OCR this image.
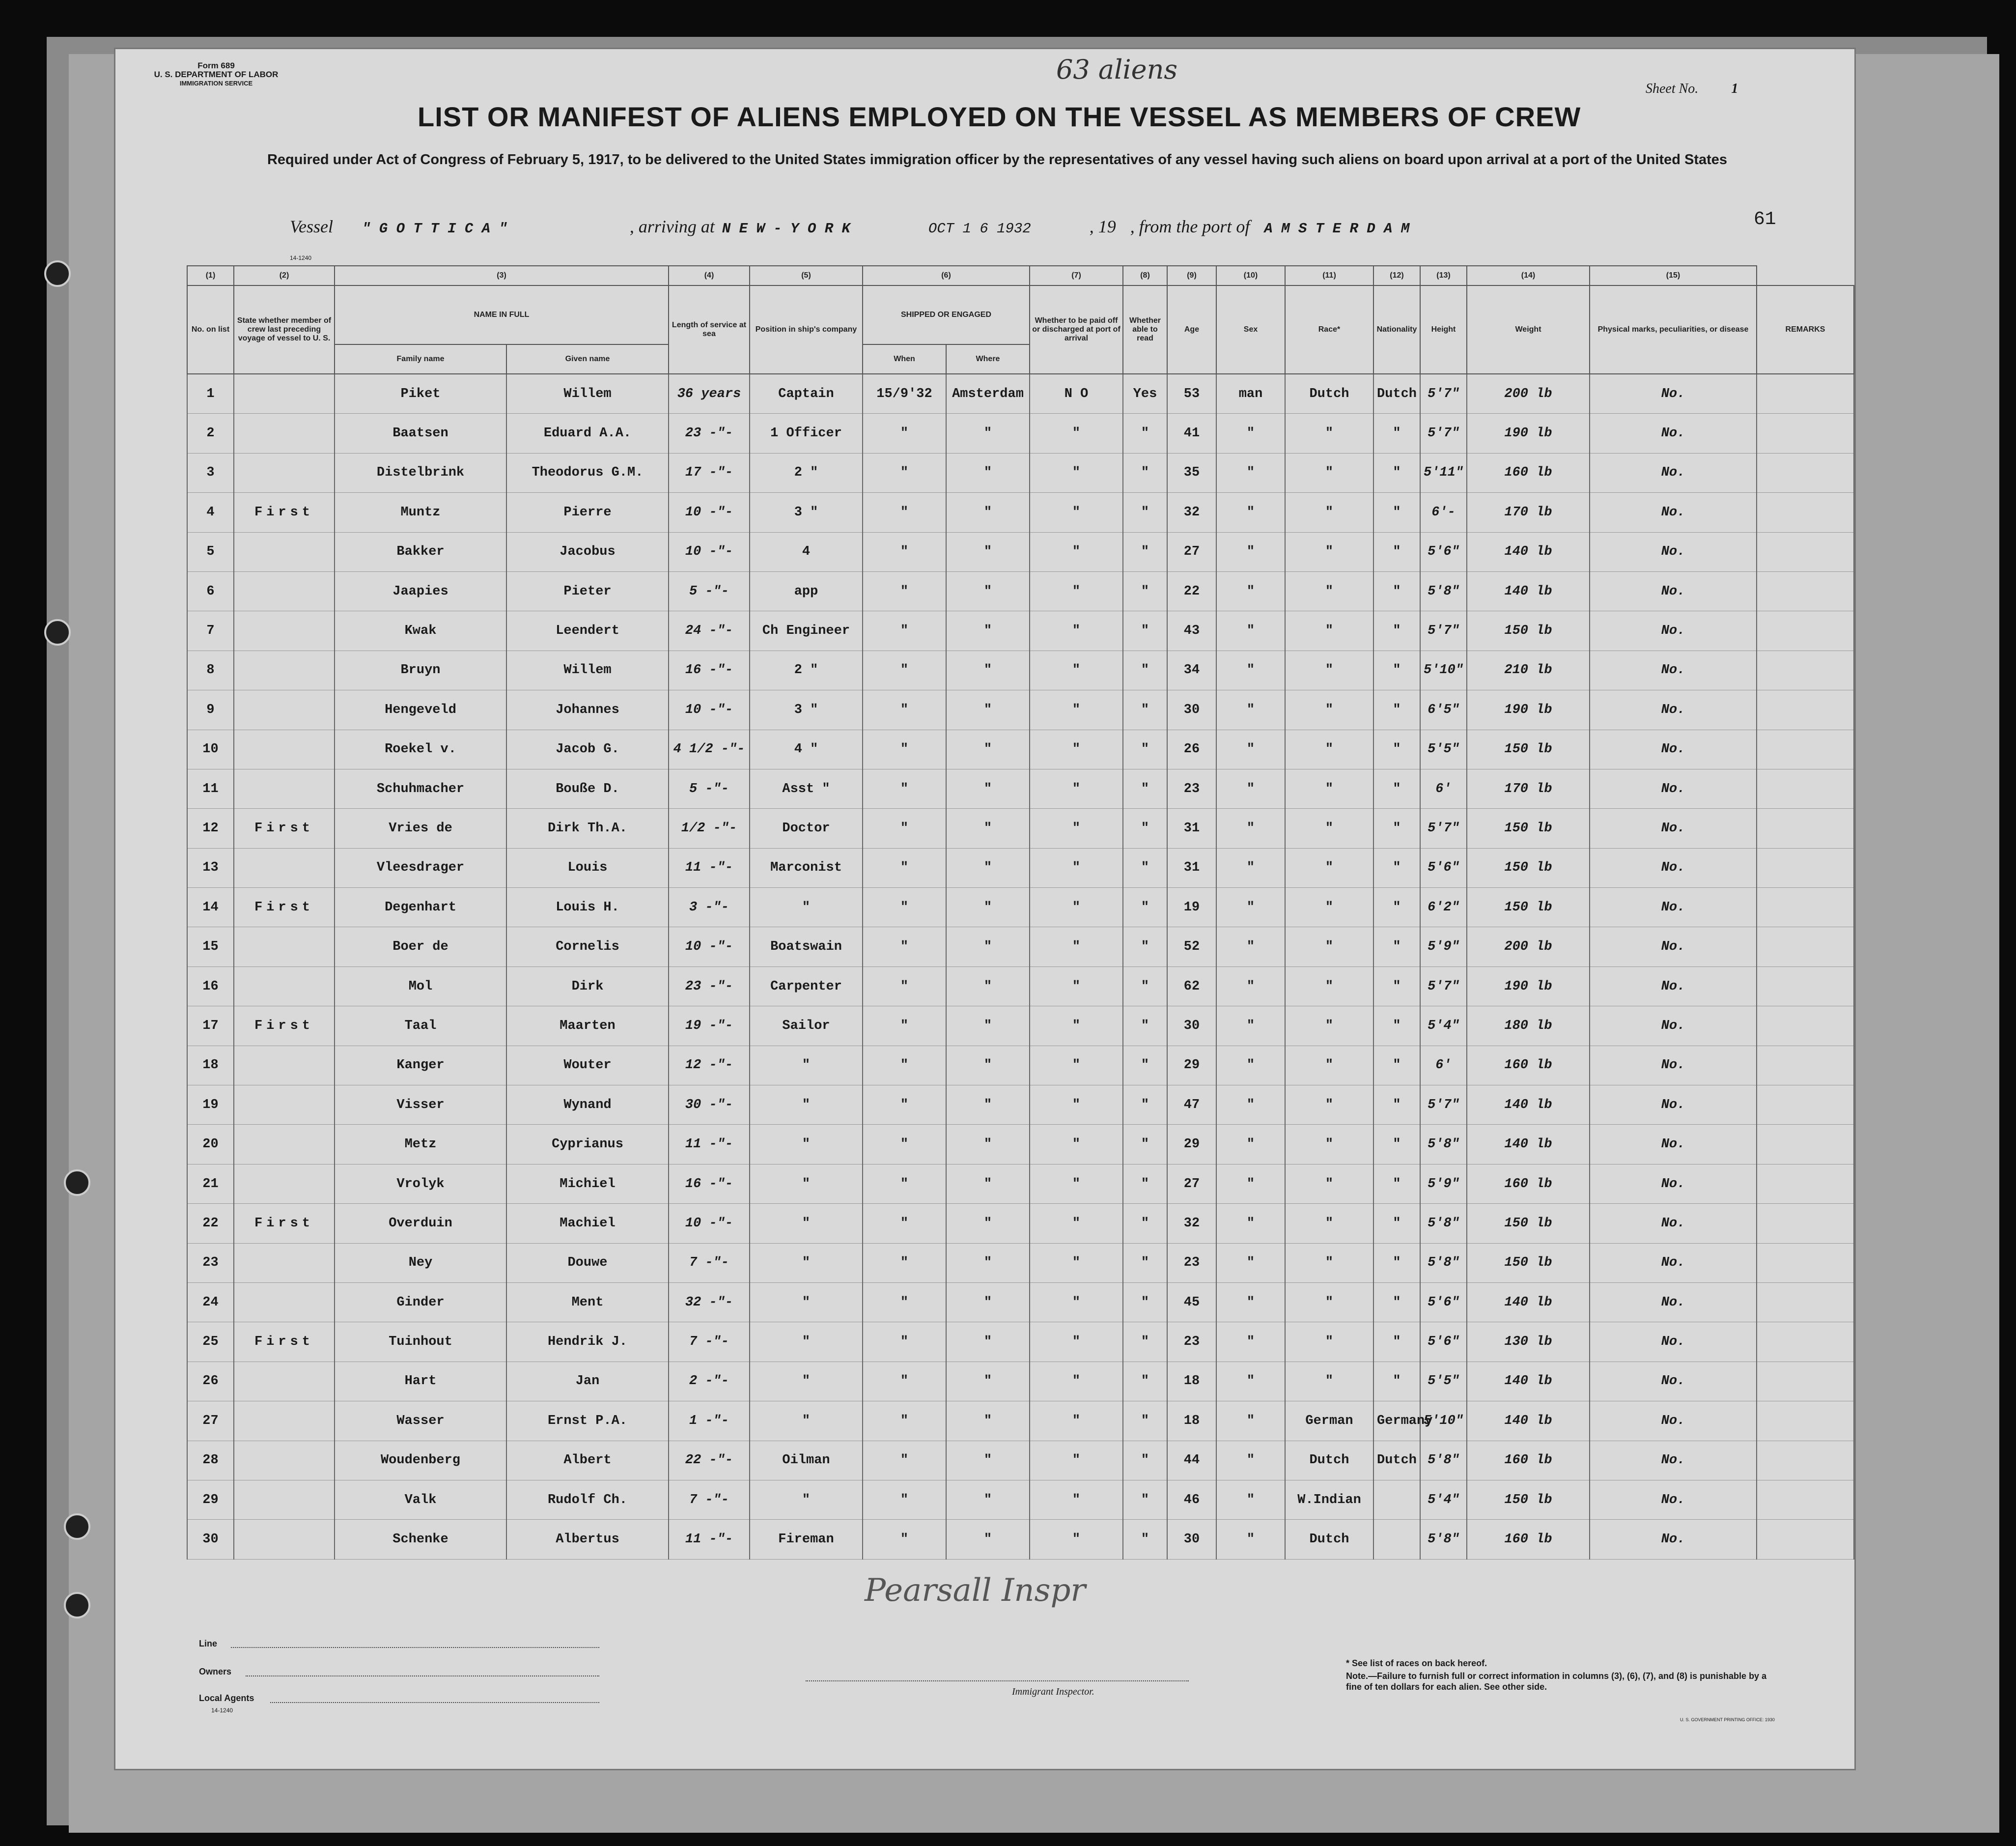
Form 689
U. S. DEPARTMENT OF LABOR
IMMIGRATION SERVICE	63 aliens
Sheet No. 1
LIST OR MANIFEST OF ALIENS EMPLOYED ON THE VESSEL AS MEMBERS OF CREW
Required under Act of Congress of February 5, 1917, to be delivered to the United States immigration officer by the representatives of any vessel having such aliens on board upon arrival at a port of the United States
Vessel " G O T T I C A "	, arriving at N E W - Y O R K	OCT 1 6 1932	, 19 , from the port of A M S T E R D A M	61
14-1240
(1)	(2)	(3)		(4)	(5)	(6)		(7)	(8)	(9)	(10)	(11)	(12)	(13)	(14)	(15)	
No. on list	State whether member of crew last preceding voyage of vessel to U. S.	NAME IN FULL		Length of service at sea	Position in ship's company	SHIPPED OR ENGAGED		Whether to be paid off or discharged at port of arrival	Whether able to read	Age	Sex	Race*	Nationality	Height	Weight	Physical marks, peculiarities, or disease	REMARKS
		Family name	Given name			When	Where										
1		Piket	Willem	36 years	Captain	15/9'32	Amsterdam	N O	Yes	53	man	Dutch	Dutch	5'7"	200 lb	No.	
2		Baatsen	Eduard A.A.	23 -"-	1 Officer	"	"	"	"	41	"	"	"	5'7"	190 lb	No.	
3		Distelbrink	Theodorus G.M.	17 -"-	2 "	"	"	"	"	35	"	"	"	5'11"	160 lb	No.	
4	First	Muntz	Pierre	10 -"-	3 "	"	"	"	"	32	"	"	"	6'-	170 lb	No.	
5		Bakker	Jacobus	10 -"-	4	"	"	"	"	27	"	"	"	5'6"	140 lb	No.	
6		Jaapies	Pieter	5 -"-	app	"	"	"	"	22	"	"	"	5'8"	140 lb	No.	
7		Kwak	Leendert	24 -"-	Ch Engineer	"	"	"	"	43	"	"	"	5'7"	150 lb	No.	
8		Bruyn	Willem	16 -"-	2 "	"	"	"	"	34	"	"	"	5'10"	210 lb	No.	
9		Hengeveld	Johannes	10 -"-	3 "	"	"	"	"	30	"	"	"	6'5"	190 lb	No.	
10		Roekel v.	Jacob G.	4 1/2 -"-	4 "	"	"	"	"	26	"	"	"	5'5"	150 lb	No.	
11		Schuhmacher	Bouße D.	5 -"-	Asst "	"	"	"	"	23	"	"	"	6'	170 lb	No.	
12	First	Vries de	Dirk Th.A.	1/2 -"-	Doctor	"	"	"	"	31	"	"	"	5'7"	150 lb	No.	
13		Vleesdrager	Louis	11 -"-	Marconist	"	"	"	"	31	"	"	"	5'6"	150 lb	No.	
14	First	Degenhart	Louis H.	3 -"-	"	"	"	"	"	19	"	"	"	6'2"	150 lb	No.	
15		Boer de	Cornelis	10 -"-	Boatswain	"	"	"	"	52	"	"	"	5'9"	200 lb	No.	
16		Mol	Dirk	23 -"-	Carpenter	"	"	"	"	62	"	"	"	5'7"	190 lb	No.	
17	First	Taal	Maarten	19 -"-	Sailor	"	"	"	"	30	"	"	"	5'4"	180 lb	No.	
18		Kanger	Wouter	12 -"-	"	"	"	"	"	29	"	"	"	6'	160 lb	No.	
19		Visser	Wynand	30 -"-	"	"	"	"	"	47	"	"	"	5'7"	140 lb	No.	
20		Metz	Cyprianus	11 -"-	"	"	"	"	"	29	"	"	"	5'8"	140 lb	No.	
21		Vrolyk	Michiel	16 -"-	"	"	"	"	"	27	"	"	"	5'9"	160 lb	No.	
22	First	Overduin	Machiel	10 -"-	"	"	"	"	"	32	"	"	"	5'8"	150 lb	No.	
23		Ney	Douwe	7 -"-	"	"	"	"	"	23	"	"	"	5'8"	150 lb	No.	
24		Ginder	Ment	32 -"-	"	"	"	"	"	45	"	"	"	5'6"	140 lb	No.	
25	First	Tuinhout	Hendrik J.	7 -"-	"	"	"	"	"	23	"	"	"	5'6"	130 lb	No.	
26		Hart	Jan	2 -"-	"	"	"	"	"	18	"	"	"	5'5"	140 lb	No.	
27		Wasser	Ernst P.A.	1 -"-	"	"	"	"	"	18	"	German	Germany	5'10"	140 lb	No.	
28		Woudenberg	Albert	22 -"-	Oilman	"	"	"	"	44	"	Dutch	Dutch	5'8"	160 lb	No.	
29		Valk	Rudolf Ch.	7 -"-	"	"	"	"	"	46	"	W.Indian		5'4"	150 lb	No.	
30		Schenke	Albertus	11 -"-	Fireman	"	"	"	"	30	"	Dutch		5'8"	160 lb	No.	
Pearsall Inspr
Line
Owners
Local Agents
14-1240
Immigrant Inspector.
* See list of races on back hereof.
Note.—Failure to furnish full or correct information in columns (3), (6), (7), and (8) is punishable by a fine of ten dollars for each alien. See other side.
U. S. GOVERNMENT PRINTING OFFICE: 1930
